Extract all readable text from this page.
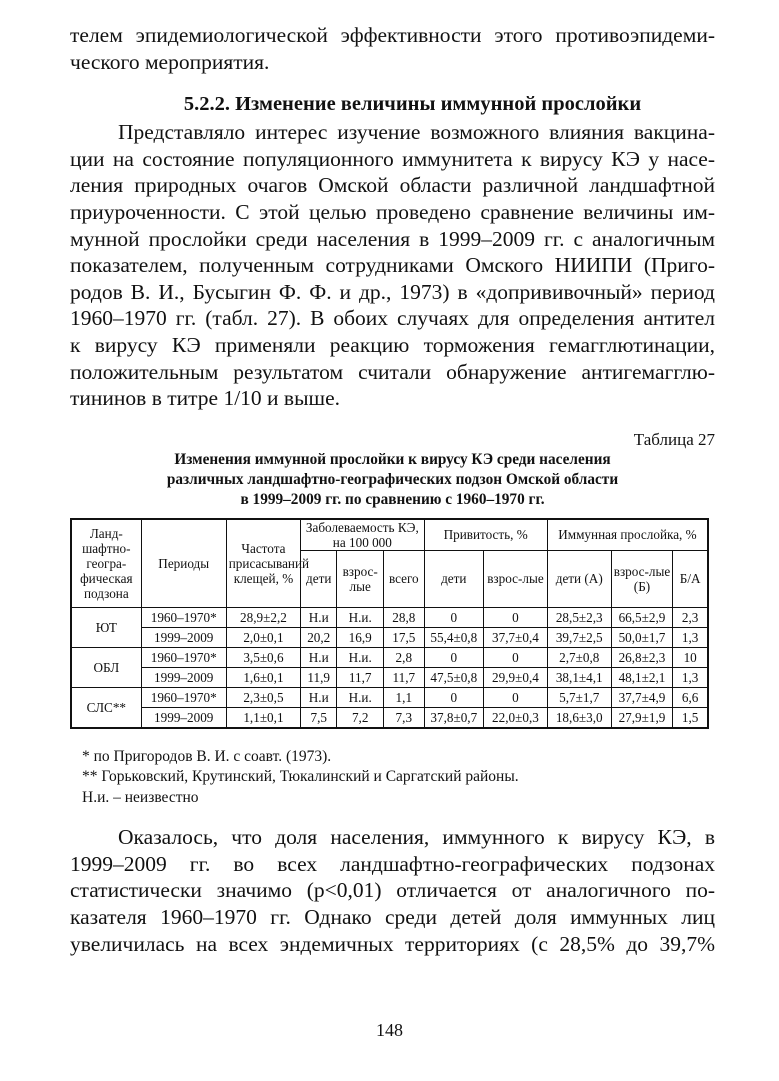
телем эпидемиологической эффективности этого противоэпидеми-
ческого мероприятия.
5.2.2. Изменение величины иммунной прослойки
Представляло интерес изучение возможного влияния вакцина-
ции на состояние популяционного иммунитета к вирусу КЭ у насе-
ления природных очагов Омской области различной ландшафтной
приуроченности. С этой целью проведено сравнение величины им-
мунной прослойки среди населения в 1999–2009 гг. с аналогичным
показателем, полученным сотрудниками Омского НИИПИ (Приго-
родов В. И., Бусыгин Ф. Ф. и др., 1973) в «допрививочный» период
1960–1970 гг. (табл. 27). В обоих случаях для определения антител
к вирусу КЭ применяли реакцию торможения гемагглютинации,
положительным результатом считали обнаружение антигемагглю-
тининов в титре 1/10 и выше.
Таблица 27
Изменения иммунной прослойки к вирусу КЭ среди населения
различных ландшафтно-географических подзон Омской области
в 1999–2009 гг. по сравнению с 1960–1970 гг.
Ланд-шафтно-геогра-фическая подзона	Периоды	Частота присасываний клещей, %	Заболеваемость КЭ, на 100 000			Привитость, %		Иммунная прослойка, %		
			дети	взрос-лые	всего	дети	взрос-лые	дети (А)	взрос-лые (Б)	Б/А
ЮТ	1960–1970*	28,9±2,2	Н.и	Н.и.	28,8	0	0	28,5±2,3	66,5±2,9	2,3
	1999–2009	2,0±0,1	20,2	16,9	17,5	55,4±0,8	37,7±0,4	39,7±2,5	50,0±1,7	1,3
ОБЛ	1960–1970*	3,5±0,6	Н.и	Н.и.	2,8	0	0	2,7±0,8	26,8±2,3	10
	1999–2009	1,6±0,1	11,9	11,7	11,7	47,5±0,8	29,9±0,4	38,1±4,1	48,1±2,1	1,3
СЛС**	1960–1970*	2,3±0,5	Н.и	Н.и.	1,1	0	0	5,7±1,7	37,7±4,9	6,6
	1999–2009	1,1±0,1	7,5	7,2	7,3	37,8±0,7	22,0±0,3	18,6±3,0	27,9±1,9	1,5
* по Пригородов В. И. с соавт. (1973).
** Горьковский, Крутинский, Тюкалинский и Саргатский районы.
Н.и. – неизвестно
Оказалось, что доля населения, иммунного к вирусу КЭ, в
1999–2009 гг. во всех ландшафтно-географических подзонах
статистически значимо (р<0,01) отличается от аналогичного по-
казателя 1960–1970 гг. Однако среди детей доля иммунных лиц
увеличилась на всех эндемичных территориях (с 28,5% до 39,7%
148
